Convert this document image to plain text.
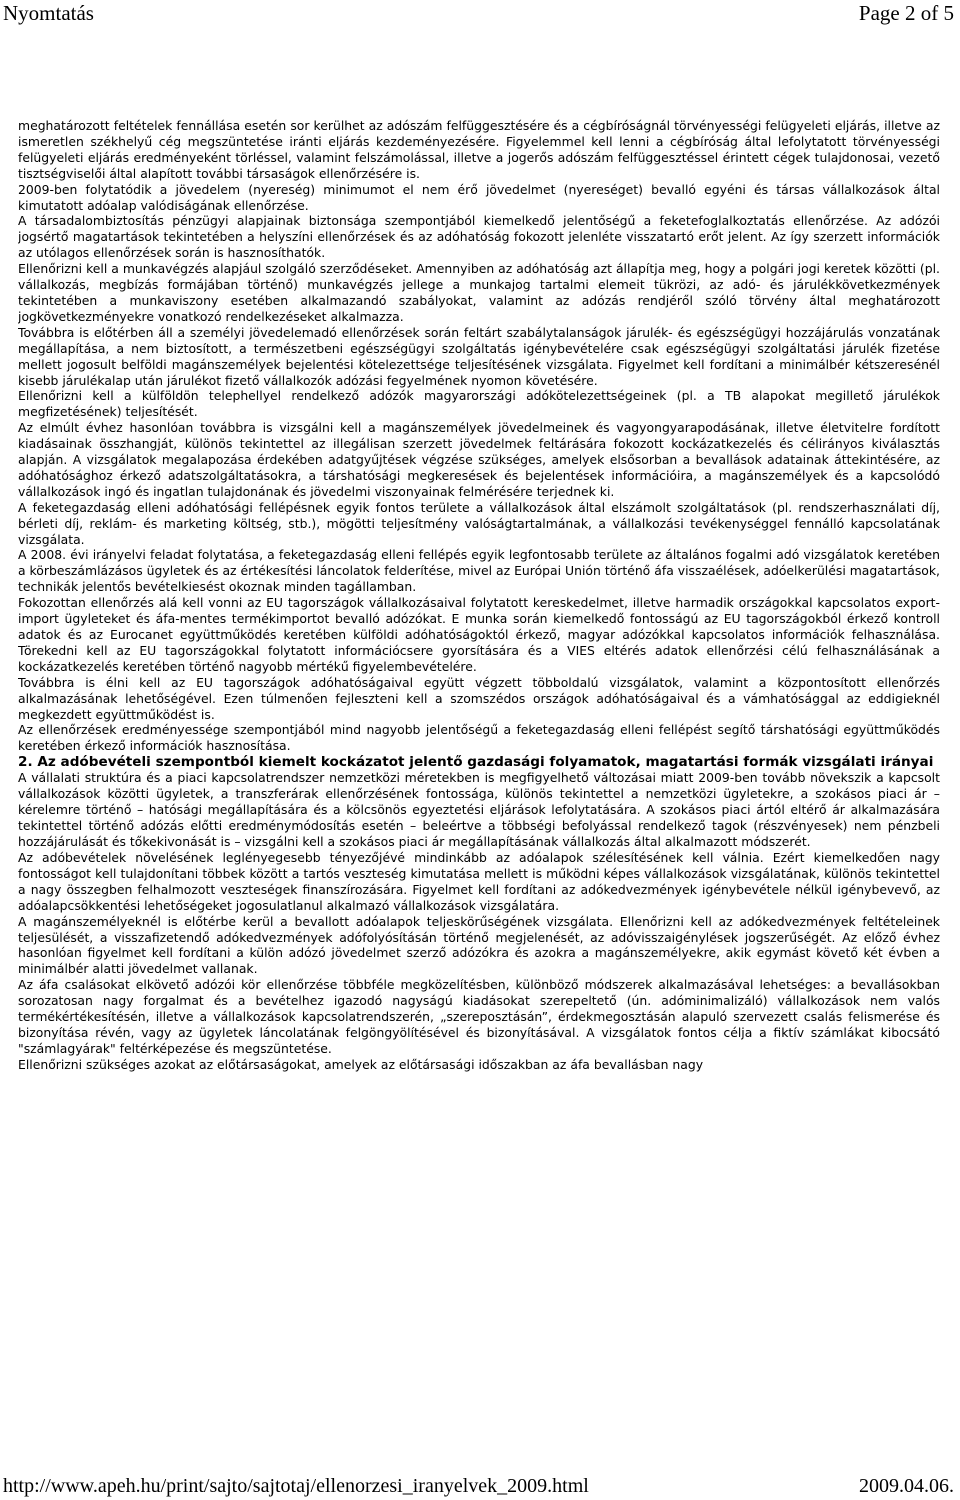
Nyomtatás	Page 2 of 5

meghatározott feltételek fennállása esetén sor kerülhet az adószám felfüggesztésére és a cégbíróságnál törvényességi felügyeleti eljárás, illetve az ismeretlen székhelyű cég megszüntetése iránti eljárás kezdeményezésére. Figyelemmel kell lenni a cégbíróság által lefolytatott törvényességi felügyeleti eljárás eredményeként törléssel, valamint felszámolással, illetve a jogerős adószám felfüggesztéssel érintett cégek tulajdonosai, vezető tisztségviselői által alapított további társaságok ellenőrzésére is.

2009-ben folytatódik a jövedelem (nyereség) minimumot el nem érő jövedelmet (nyereséget) bevalló egyéni és társas vállalkozások által kimutatott adóalap valódiságának ellenőrzése.

A társadalombiztosítás pénzügyi alapjainak biztonsága szempontjából kiemelkedő jelentőségű a feketefoglalkoztatás ellenőrzése. Az adózói jogsértő magatartások tekintetében a helyszíni ellenőrzések és az adóhatóság fokozott jelenléte visszatartó erőt jelent. Az így szerzett információk az utólagos ellenőrzések során is hasznosíthatók.

Ellenőrizni kell a munkavégzés alapjául szolgáló szerződéseket. Amennyiben az adóhatóság azt állapítja meg, hogy a polgári jogi keretek közötti (pl. vállalkozás, megbízás formájában történő) munkavégzés jellege a munkajog tartalmi elemeit tükrözi, az adó- és járulékkövetkezmények tekintetében a munkaviszony esetében alkalmazandó szabályokat, valamint az adózás rendjéről szóló törvény által meghatározott jogkövetkezményekre vonatkozó rendelkezéseket alkalmazza.

Továbbra is előtérben áll a személyi jövedelemadó ellenőrzések során feltárt szabálytalanságok járulék- és egészségügyi hozzájárulás vonzatának megállapítása, a nem biztosított, a természetbeni egészségügyi szolgáltatás igénybevételére csak egészségügyi szolgáltatási járulék fizetése mellett jogosult belföldi magánszemélyek bejelentési kötelezettsége teljesítésének vizsgálata. Figyelmet kell fordítani a minimálbér kétszeresénél kisebb járulékalap után járulékot fizető vállalkozók adózási fegyelmének nyomon követésére.

Ellenőrizni kell a külföldön telephellyel rendelkező adózók magyarországi adókötelezettségeinek (pl. a TB alapokat megillető járulékok megfizetésének) teljesítését.

Az elmúlt évhez hasonlóan továbbra is vizsgálni kell a magánszemélyek jövedelmeinek és vagyongyarapodásának, illetve életvitelre fordított kiadásainak összhangját, különös tekintettel az illegálisan szerzett jövedelmek feltárására fokozott kockázatkezelés és célirányos kiválasztás alapján. A vizsgálatok megalapozása érdekében adatgyűjtések végzése szükséges, amelyek elsősorban a bevallások adatainak áttekintésére, az adóhatósághoz érkező adatszolgáltatásokra, a társhatósági megkeresések és bejelentések információira, a magánszemélyek és a kapcsolódó vállalkozások ingó és ingatlan tulajdonának és jövedelmi viszonyainak felmérésére terjednek ki.

A feketegazdaság elleni adóhatósági fellépésnek egyik fontos területe a vállalkozások által elszámolt szolgáltatások (pl. rendszerhasználati díj, bérleti díj, reklám- és marketing költség, stb.), mögötti teljesítmény valóságtartalmának, a vállalkozási tevékenységgel fennálló kapcsolatának vizsgálata.

A 2008. évi irányelvi feladat folytatása, a feketegazdaság elleni fellépés egyik legfontosabb területe az általános fogalmi adó vizsgálatok keretében a körbeszámlázásos ügyletek és az értékesítési láncolatok felderítése, mivel az Európai Unión történő áfa visszaélések, adóelkerülési magatartások, technikák jelentős bevételkiesést okoznak minden tagállamban.

Fokozottan ellenőrzés alá kell vonni az EU tagországok vállalkozásaival folytatott kereskedelmet, illetve harmadik országokkal kapcsolatos export-import ügyleteket és áfa-mentes termékimportot bevalló adózókat. E munka során kiemelkedő fontosságú az EU tagországokból érkező kontroll adatok és az Eurocanet együttműködés keretében külföldi adóhatóságoktól érkező, magyar adózókkal kapcsolatos információk felhasználása. Törekedni kell az EU tagországokkal folytatott információcsere gyorsítására és a VIES eltérés adatok ellenőrzési célú felhasználásának a kockázatkezelés keretében történő nagyobb mértékű figyelembevételére.

Továbbra is élni kell az EU tagországok adóhatóságaival együtt végzett többoldalú vizsgálatok, valamint a központosított ellenőrzés alkalmazásának lehetőségével. Ezen túlmenően fejleszteni kell a szomszédos országok adóhatóságaival és a vámhatósággal az eddigieknél megkezdett együttműködést is.

Az ellenőrzések eredményessége szempontjából mind nagyobb jelentőségű a feketegazdaság elleni fellépést segítő társhatósági együttműködés keretében érkező információk hasznosítása.

2. Az adóbevételi szempontból kiemelt kockázatot jelentő gazdasági folyamatok, magatartási formák vizsgálati irányai

A vállalati struktúra és a piaci kapcsolatrendszer nemzetközi méretekben is megfigyelhető változásai miatt 2009-ben tovább növekszik a kapcsolt vállalkozások közötti ügyletek, a transzferárak ellenőrzésének fontossága, különös tekintettel a nemzetközi ügyletekre, a szokásos piaci ár – kérelemre történő – hatósági megállapítására és a kölcsönös egyeztetési eljárások lefolytatására. A szokásos piaci ártól eltérő ár alkalmazására tekintettel történő adózás előtti eredménymódosítás esetén – beleértve a többségi befolyással rendelkező tagok (részvényesek) nem pénzbeli hozzájárulását és tőkekivonását is – vizsgálni kell a szokásos piaci ár megállapításának vállalkozás által alkalmazott módszerét.

Az adóbevételek növelésének leglényegesebb tényezőjévé mindinkább az adóalapok szélesítésének kell válnia. Ezért kiemelkedően nagy fontosságot kell tulajdonítani többek között a tartós veszteség kimutatása mellett is működni képes vállalkozások vizsgálatának, különös tekintettel a nagy összegben felhalmozott veszteségek finanszírozására. Figyelmet kell fordítani az adókedvezmények igénybevétele nélkül igénybevevő, az adóalapcsökkentési lehetőségeket jogosulatlanul alkalmazó vállalkozások vizsgálatára.

A magánszemélyeknél is előtérbe kerül a bevallott adóalapok teljeskörűségének vizsgálata. Ellenőrizni kell az adókedvezmények feltételeinek teljesülését, a visszafizetendő adókedvezmények adófolyósításán történő megjelenését, az adóvisszaigénylések jogszerűségét. Az előző évhez hasonlóan figyelmet kell fordítani a külön adózó jövedelmet szerző adózókra és azokra a magánszemélyekre, akik egymást követő két évben a minimálbér alatti jövedelmet vallanak.

Az áfa csalásokat elkövető adózói kör ellenőrzése többféle megközelítésben, különböző módszerek alkalmazásával lehetséges: a bevallásokban sorozatosan nagy forgalmat és a bevételhez igazodó nagyságú kiadásokat szerepeltető (ún. adóminimalizáló) vállalkozások nem valós termékértékesítésén, illetve a vállalkozások kapcsolatrendszerén, „szereposztásán”, érdekmegosztásán alapuló szervezett csalás felismerése és bizonyítása révén, vagy az ügyletek láncolatának felgöngyölítésével és bizonyításával. A vizsgálatok fontos célja a fiktív számlákat kibocsátó "számlagyárak" feltérképezése és megszüntetése.

Ellenőrizni szükséges azokat az előtársaságokat, amelyek az előtársasági időszakban az áfa bevallásban nagy

http://www.apeh.hu/print/sajto/sajtotaj/ellenorzesi_iranyelvek_2009.html	2009.04.06.
